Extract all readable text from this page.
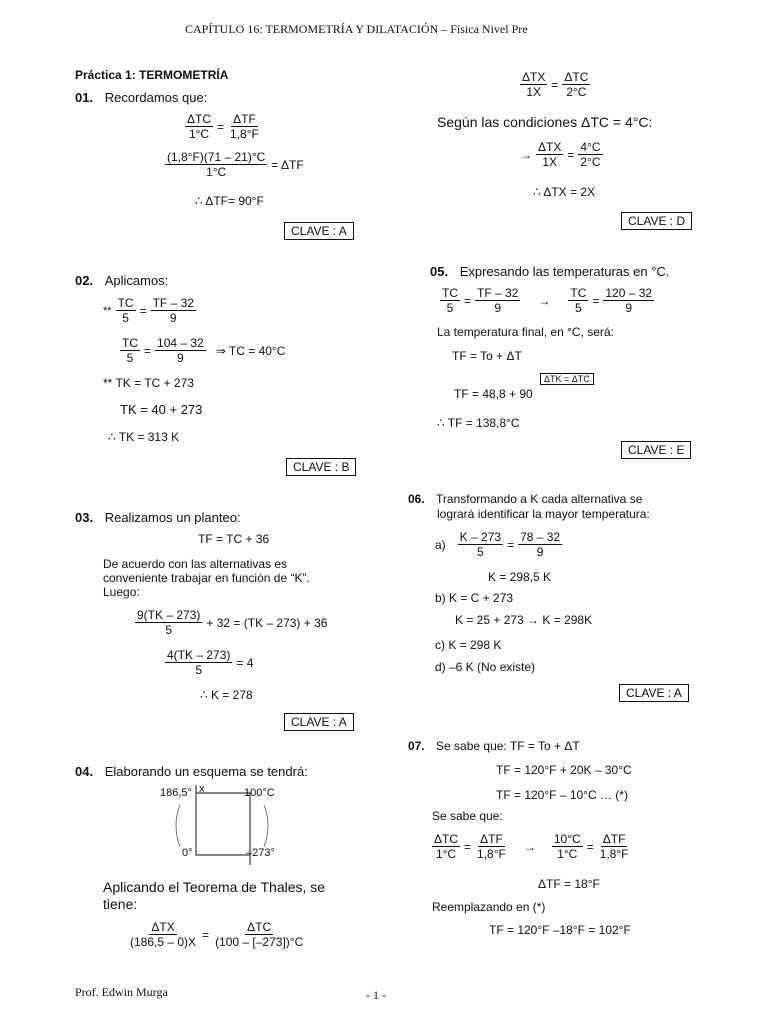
CAPÍTULO 16: TERMOMETRÍA Y DILATACIÓN – Física Nivel Pre
Práctica 1: TERMOMETRÍA
01. Recordamos que:
$\frac{\text{ΔTC}}{1^\circ C} = \frac{\text{ΔTF}}{1,8^\circ F}$
$\frac{(1,8^\circ F)(71 - 21)^\circ C}{1^\circ C} = \Delta TF$
∴ ΔTF= 90°F
CLAVE : A
02. Aplicamos:
** $\frac{TC}{5} = \frac{TF - 32}{9}$
$\frac{TC}{5} = \frac{104 - 32}{9}$ ⇒ TC = 40°C
** TK = TC + 273
TK = 40 + 273
∴ TK = 313 K
CLAVE : B
03. Realizamos un planteo:
TF = TC + 36
De acuerdo con las alternativas es
conveniente trabajar en función de “K”.
Luego:
$\frac{9(TK - 273)}{5} + 32 = (TK - 273) + 36$
$\frac{4(TK - 273)}{5} = 4$
∴ K = 278
CLAVE : A
04. Elaborando un esquema se tendrá:
186,5° x	100°C
0°	–273°
Aplicando el Teorema de Thales, se
tiene:
$\frac{\text{ΔTX}}{(186,5 - 0)X} = \frac{\text{ΔTC}}{(100 - [-273])^\circ C}$
$\frac{\text{ΔTX}}{1X} = \frac{\text{ΔTC}}{2^\circ C}$
Según las condiciones ΔTC = 4°C:
→ $\frac{\text{ΔTX}}{1X} = \frac{4^\circ C}{2^\circ C}$
∴ ΔTX = 2X
CLAVE : D
05. Expresando las temperaturas en °C.
$\frac{TC}{5} = \frac{TF - 32}{9} \to \frac{TC}{5} = \frac{120 - 32}{9}$
La temperatura final, en °C, será:
TF = To + ΔT
TF = 48,8 + 90
ΔTK = ΔTC
∴ TF = 138,8°C
CLAVE : E
06. Transformando a K cada alternativa se
logrará identificar la mayor temperatura:
$a) \frac{K - 273}{5} = \frac{78 - 32}{9}$
K = 298,5 K
b) K = C + 273
K = 25 + 273 → K = 298K
c) K = 298 K
d) –6 K (No existe)
CLAVE : A
07. Se sabe que: TF = To + ΔT
TF = 120°F + 20K – 30°C
TF = 120°F – 10°C … (*)
Se sabe que:
$\frac{\text{ΔTC}}{1^\circ C} = \frac{\text{ΔTF}}{1,8^\circ F} \to \frac{10^\circ C}{1^\circ C} = \frac{\text{ΔTF}}{1,8^\circ F}$
ΔTF = 18°F
Reemplazando en (*)
TF = 120°F –18°F = 102°F
Prof. Edwin Murga	- 1 -
